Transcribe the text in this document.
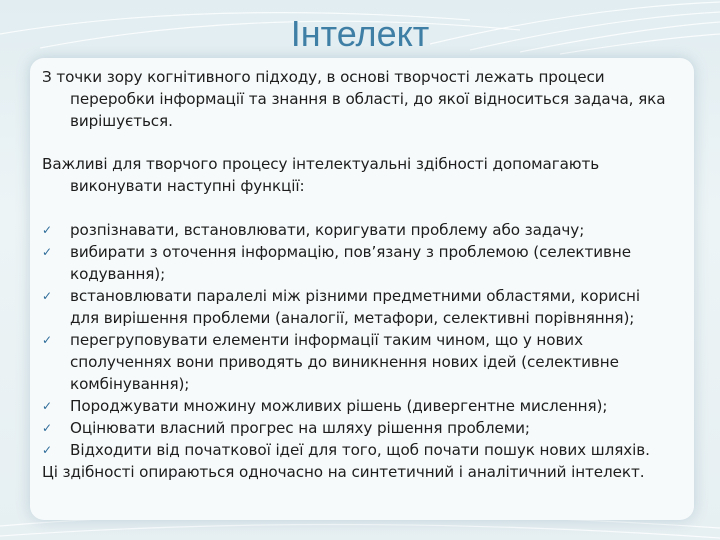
Інтелект

З точки зору когнітивного підходу, в основі творчості лежать процеси переробки інформації та знання в області, до якої відноситься задача, яка вирішується.

Важливі для творчого процесу інтелектуальні здібності допомагають виконувати наступні функції:

✓ розпізнавати, встановлювати, коригувати проблему або задачу;
✓ вибирати з оточення інформацію, пов’язану з проблемою (селективне кодування);
✓ встановлювати паралелі між різними предметними областями, корисні для вирішення проблеми (аналогії, метафори, селективні порівняння);
✓ перегруповувати елементи інформації таким чином, що у нових сполученнях вони приводять до виникнення нових ідей (селективне комбінування);
✓ Породжувати множину можливих рішень (дивергентне мислення);
✓ Оцінювати власний прогрес на шляху рішення проблеми;
✓ Відходити від початкової ідеї для того, щоб почати пошук нових шляхів.

Ці здібності опираються одночасно на синтетичний і аналітичний інтелект.
